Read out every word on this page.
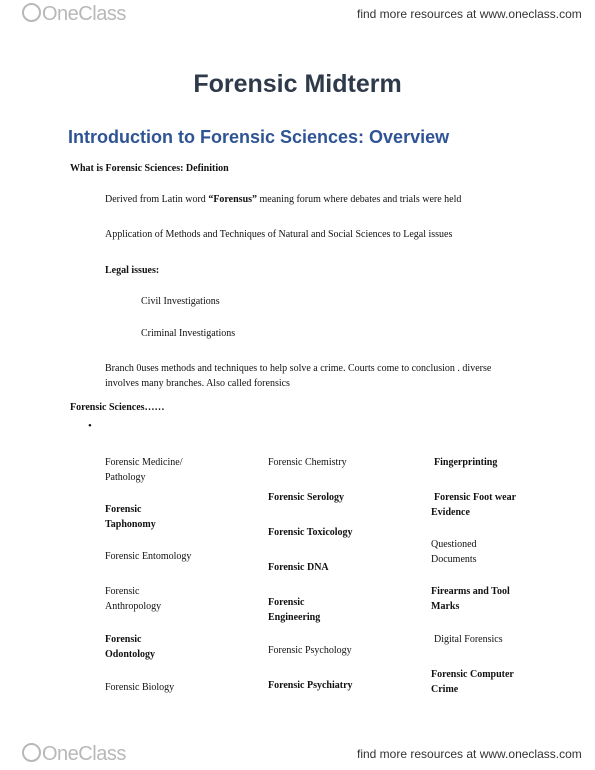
OneClass	find more resources at www.oneclass.com
Forensic Midterm
Introduction to Forensic Sciences: Overview
What is Forensic Sciences: Definition
Derived from Latin word “Forensus” meaning forum where debates and trials were held
Application of Methods and Techniques of Natural and Social Sciences to Legal issues
Legal issues:
Civil Investigations
Criminal Investigations
Branch 0uses methods and techniques to help solve a crime. Courts come to conclusion . diverse
involves many branches. Also called forensics
Forensic Sciences……
•
Forensic Medicine/
Pathology
Forensic
Taphonomy
Forensic Entomology
Forensic
Anthropology
Forensic
Odontology
Forensic Biology
Forensic Chemistry
Forensic Serology
Forensic Toxicology
Forensic DNA
Forensic
Engineering
Forensic Psychology
Forensic Psychiatry
Fingerprinting
Forensic Foot wear
Evidence
Questioned
Documents
Firearms and Tool
Marks
Digital Forensics
Forensic Computer
Crime
OneClass	find more resources at www.oneclass.com
